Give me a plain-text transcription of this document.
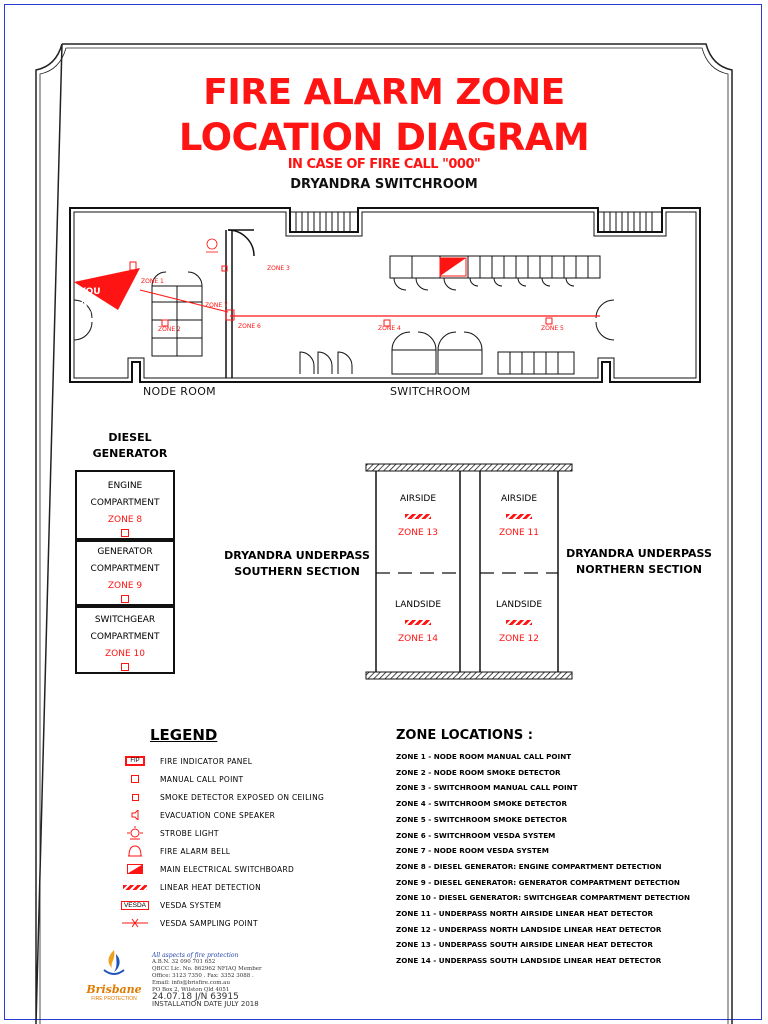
FIRE ALARM ZONE
LOCATION DIAGRAM
IN CASE OF FIRE CALL "000"
DRYANDRA SWITCHROOM
YOU
ARE
HERE
ZONE 1
ZONE 2
ZONE 3
ZONE 4	ZONE 5
ZONE 6
ZONE 7
NODE ROOM	SWITCHROOM
DIESEL
GENERATOR
ENGINE
COMPARTMENT
ZONE 8
GENERATOR
COMPARTMENT
ZONE 9
SWITCHGEAR
COMPARTMENT
ZONE 10
DRYANDRA UNDERPASS
SOUTHERN SECTION
DRYANDRA UNDERPASS
NORTHERN SECTION
AIRSIDE
ZONE 13
AIRSIDE
ZONE 11
LANDSIDE
ZONE 14
LANDSIDE
ZONE 12
LEGEND
FIP	FIRE INDICATOR PANEL
MANUAL CALL POINT
SMOKE DETECTOR EXPOSED ON CEILING
EVACUATION CONE SPEAKER
STROBE LIGHT
FIRE ALARM BELL
MAIN ELECTRICAL SWITCHBOARD
LINEAR HEAT DETECTION
VESDA	VESDA SYSTEM
VESDA SAMPLING POINT
ZONE LOCATIONS :
ZONE 1 - NODE ROOM MANUAL CALL POINT
ZONE 2 - NODE ROOM SMOKE DETECTOR
ZONE 3 - SWITCHROOM MANUAL CALL POINT
ZONE 4 - SWITCHROOM SMOKE DETECTOR
ZONE 5 - SWITCHROOM SMOKE DETECTOR
ZONE 6 - SWITCHROOM VESDA SYSTEM
ZONE 7 - NODE ROOM VESDA SYSTEM
ZONE 8 - DIESEL GENERATOR: ENGINE COMPARTMENT DETECTION
ZONE 9 - DIESEL GENERATOR: GENERATOR COMPARTMENT DETECTION
ZONE 10 - DIESEL GENERATOR: SWITCHGEAR COMPARTMENT DETECTION
ZONE 11 - UNDERPASS NORTH AIRSIDE LINEAR HEAT DETECTOR
ZONE 12 - UNDERPASS NORTH LANDSIDE LINEAR HEAT DETECTOR
ZONE 13 - UNDERPASS SOUTH AIRSIDE LINEAR HEAT DETECTOR
ZONE 14 - UNDERPASS SOUTH LANDSIDE LINEAR HEAT DETECTOR
Brisbane
FIRE PROTECTION
All aspects of fire protection
A.B.N. 32 090 701 652
QBCC Lic. No. 862962 NFIAQ Member
Office: 3123 7350 . Fax: 3352 3088 .
Email: info@brisfire.com.au
PO Box 2, Wilston Qld 4051
24.07.18 J/N 63915
INSTALLATION DATE JULY 2018
